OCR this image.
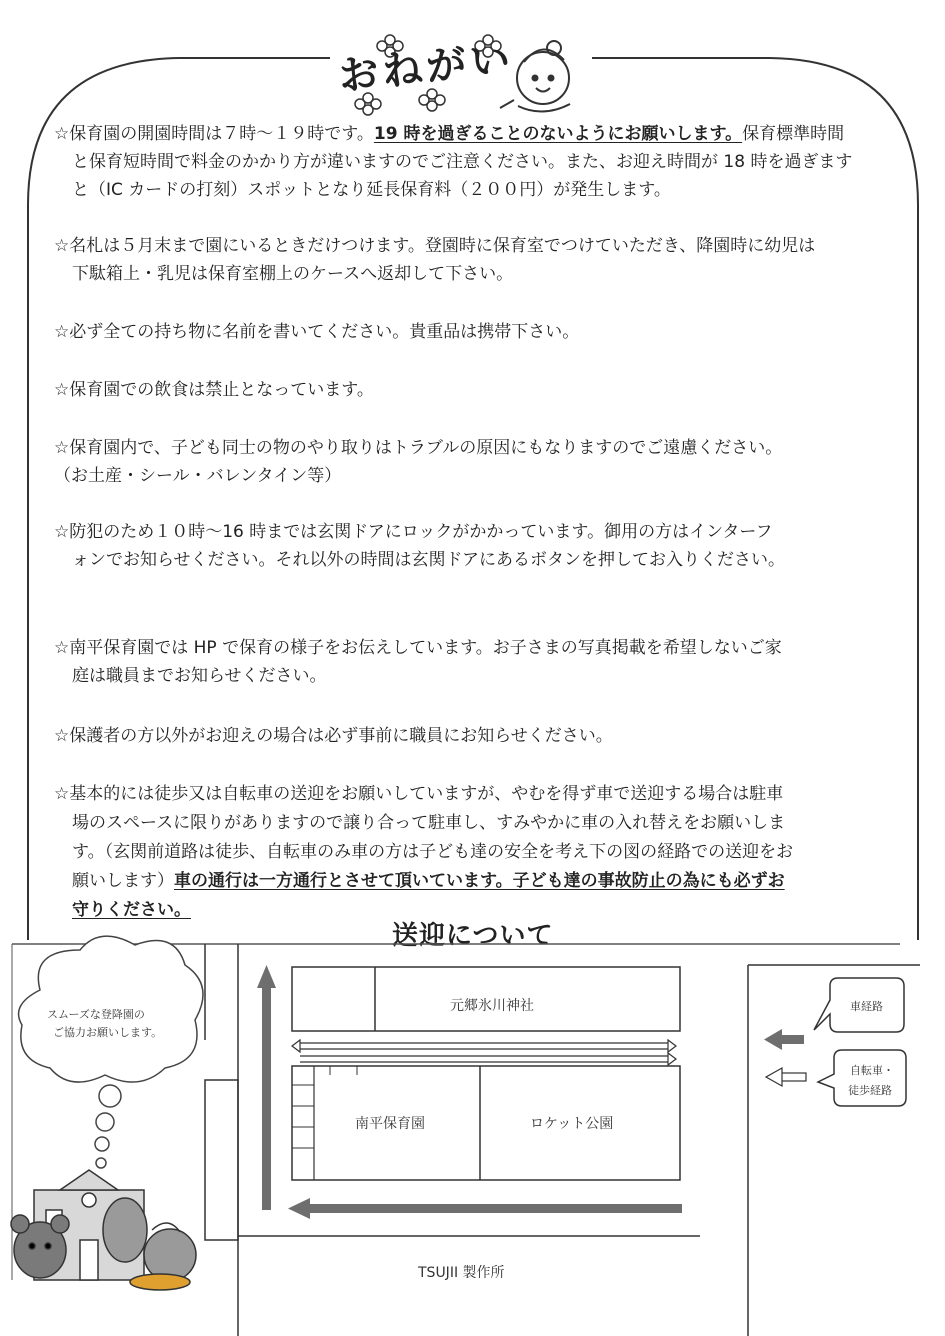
おねがい
☆保育園の開園時間は７時～１９時です。19 時を過ぎることのないようにお願いします。保育標準時間
と保育短時間で料金のかかり方が違いますのでご注意ください。また、お迎え時間が 18 時を過ぎます
と（IC カードの打刻）スポットとなり延長保育料（２００円）が発生します。
☆名札は５月末まで園にいるときだけつけます。登園時に保育室でつけていただき、降園時に幼児は
下駄箱上・乳児は保育室棚上のケースへ返却して下さい。
☆必ず全ての持ち物に名前を書いてください。貴重品は携帯下さい。
☆保育園での飲食は禁止となっています。
☆保育園内で、子ども同士の物のやり取りはトラブルの原因にもなりますのでご遠慮ください。
（お土産・シール・バレンタイン等）
☆防犯のため１０時～16 時までは玄関ドアにロックがかかっています。御用の方はインターフ
ォンでお知らせください。それ以外の時間は玄関ドアにあるボタンを押してお入りください。
☆南平保育園では HP で保育の様子をお伝えしています。お子さまの写真掲載を希望しないご家
庭は職員までお知らせください。
☆保護者の方以外がお迎えの場合は必ず事前に職員にお知らせください。
☆基本的には徒歩又は自転車の送迎をお願いしていますが、やむを得ず車で送迎する場合は駐車
場のスペースに限りがありますので譲り合って駐車し、すみやかに車の入れ替えをお願いしま
す。（玄関前道路は徒歩、自転車のみ車の方は子ども達の安全を考え下の図の経路での送迎をお
願いします）車の通行は一方通行とさせて頂いています。子ども達の事故防止の為にも必ずお
守りください。
送迎について
スムーズな登降園の
ご協力お願いします。
元郷氷川神社
南平保育園	ロケット公園
TSUJII 製作所
車経路
自転車・
徒歩経路
